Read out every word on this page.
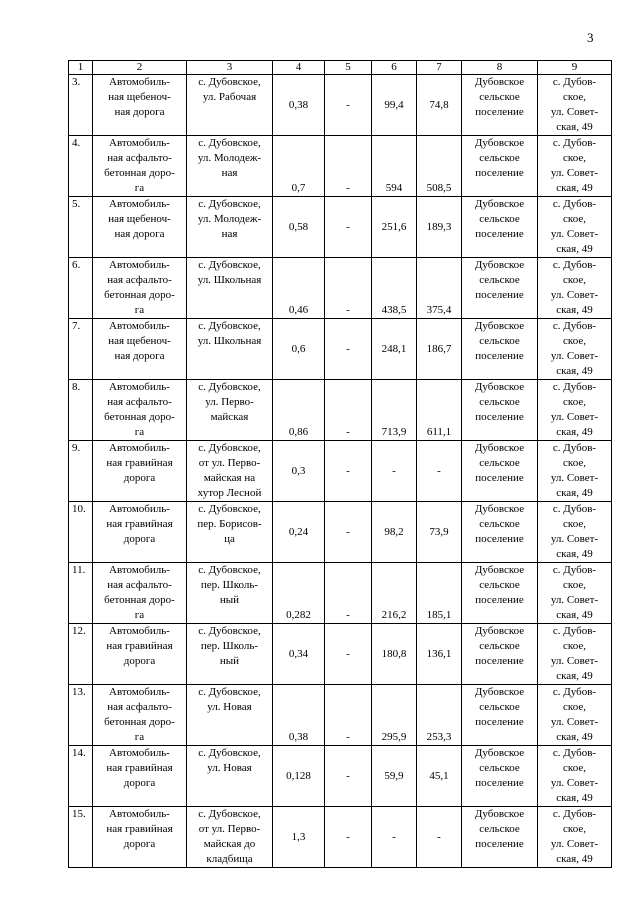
3
1	2	3	4	5	6	7	8	9
3.	Автомобиль-
ная щебеноч-
ная дорога	с. Дубовское,
ул. Рабочая	0,38	-	99,4	74,8	Дубовское
сельское
поселение	с. Дубов-
ское,
ул. Совет-
ская, 49

4.	Автомобиль-
ная асфальто-
бетонная доро-
га	с. Дубовское,
ул. Молодеж-
ная	0,7	-	594	508,5	Дубовское
сельское
поселение	с. Дубов-
ское,
ул. Совет-
ская, 49

5.	Автомобиль-
ная щебеноч-
ная дорога	с. Дубовское,
ул. Молодеж-
ная	0,58	-	251,6	189,3	Дубовское
сельское
поселение	с. Дубов-
ское,
ул. Совет-
ская, 49

6.	Автомобиль-
ная асфальто-
бетонная доро-
га	с. Дубовское,
ул. Школьная	0,46	-	438,5	375,4	Дубовское
сельское
поселение	с. Дубов-
ское,
ул. Совет-
ская, 49

7.	Автомобиль-
ная щебеноч-
ная дорога	с. Дубовское,
ул. Школьная	0,6	-	248,1	186,7	Дубовское
сельское
поселение	с. Дубов-
ское,
ул. Совет-
ская, 49

8.	Автомобиль-
ная асфальто-
бетонная доро-
га	с. Дубовское,
ул. Перво-
майская	0,86	-	713,9	611,1	Дубовское
сельское
поселение	с. Дубов-
ское,
ул. Совет-
ская, 49

9.	Автомобиль-
ная гравийная
дорога	с. Дубовское,
от ул. Перво-
майская на
хутор Лесной	0,3	-	-	-	Дубовское
сельское
поселение	с. Дубов-
ское,
ул. Совет-
ская, 49

10.	Автомобиль-
ная гравийная
дорога	с. Дубовское,
пер. Борисов-
ца	0,24	-	98,2	73,9	Дубовское
сельское
поселение	с. Дубов-
ское,
ул. Совет-
ская, 49

11.	Автомобиль-
ная асфальто-
бетонная доро-
га	с. Дубовское,
пер. Школь-
ный	0,282	-	216,2	185,1	Дубовское
сельское
поселение	с. Дубов-
ское,
ул. Совет-
ская, 49

12.	Автомобиль-
ная гравийная
дорога	с. Дубовское,
пер. Школь-
ный	0,34	-	180,8	136,1	Дубовское
сельское
поселение	с. Дубов-
ское,
ул. Совет-
ская, 49

13.	Автомобиль-
ная асфальто-
бетонная доро-
га	с. Дубовское,
ул. Новая	0,38	-	295,9	253,3	Дубовское
сельское
поселение	с. Дубов-
ское,
ул. Совет-
ская, 49

14.	Автомобиль-
ная гравийная
дорога	с. Дубовское,
ул. Новая	0,128	-	59,9	45,1	Дубовское
сельское
поселение	с. Дубов-
ское,
ул. Совет-
ская, 49

15.	Автомобиль-
ная гравийная
дорога	с. Дубовское,
от ул. Перво-
майская до
кладбища	1,3	-	-	-	Дубовское
сельское
поселение	с. Дубов-
ское,
ул. Совет-
ская, 49
